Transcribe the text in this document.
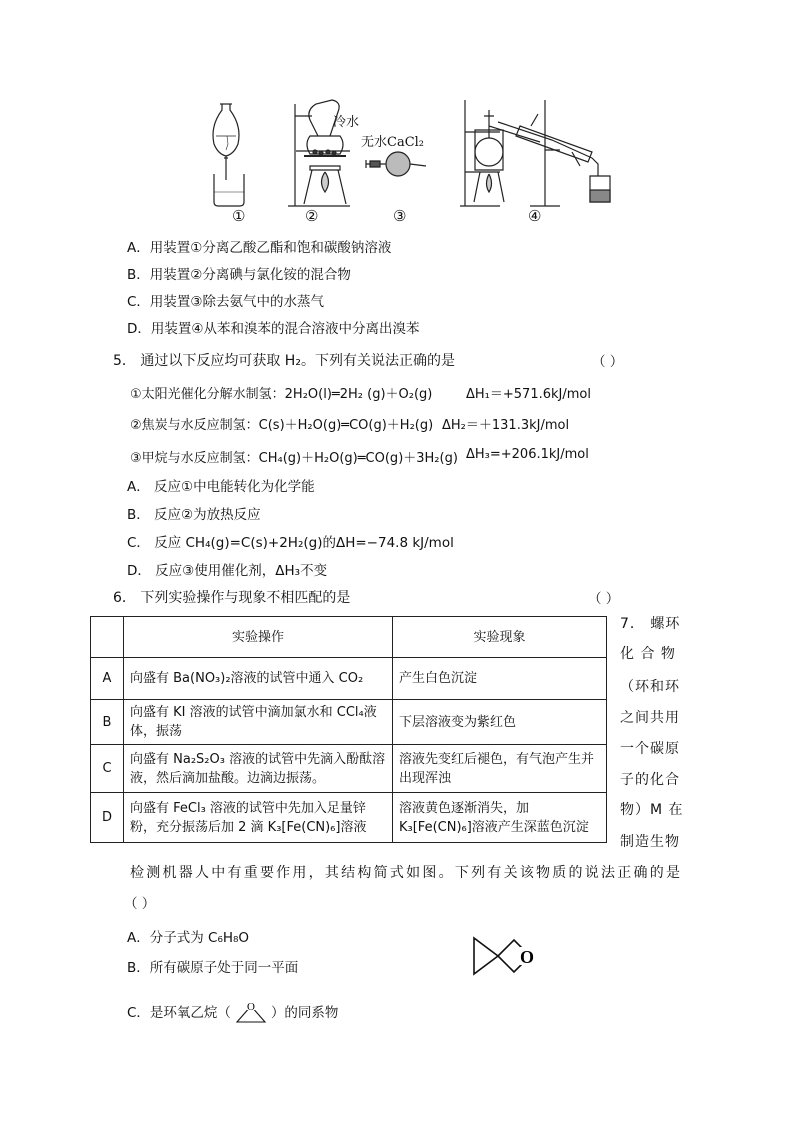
冷水
无水CaCl₂
①	②	③	④
A．用装置①分离乙酸乙酯和饱和碳酸钠溶液
B．用装置②分离碘与氯化铵的混合物
C．用装置③除去氨气中的水蒸气
D．用装置④从苯和溴苯的混合溶液中分离出溴苯
5． 通过以下反应均可获取 H₂。下列有关说法正确的是	（ ）
①太阳光催化分解水制氢：2H₂O(l)═2H₂ (g)＋O₂(g)	ΔH₁＝+571.6kJ/mol
②焦炭与水反应制氢：C(s)＋H₂O(g)═CO(g)＋H₂(g) ΔH₂＝＋131.3kJ/mol
③甲烷与水反应制氢：CH₄(g)＋H₂O(g)═CO(g)＋3H₂(g) ΔH₃=+206.1kJ/mol
A． 反应①中电能转化为化学能
B． 反应②为放热反应
C． 反应 CH₄(g)=C(s)+2H₂(g)的ΔH=−74.8 kJ/mol
D． 反应③使用催化剂，ΔH₃不变
6． 下列实验操作与现象不相匹配的是	（ ）
	实验操作	实验现象
A	向盛有 Ba(NO₃)₂溶液的试管中通入 CO₂	产生白色沉淀
B	向盛有 KI 溶液的试管中滴加氯水和 CCl₄液体，振荡	下层溶液变为紫红色
C	向盛有 Na₂S₂O₃ 溶液的试管中先滴入酚酞溶液，然后滴加盐酸。边滴边振荡。	溶液先变红后褪色，有气泡产生并出现浑浊
D	向盛有 FeCl₃ 溶液的试管中先加入足量锌粉，充分振荡后加 2 滴 K₃[Fe(CN)₆]溶液	溶液黄色逐渐消失，加 K₃[Fe(CN)₆]溶液产生深蓝色沉淀
7． 螺环
化 合 物
（环和环
之间共用
一个碳原
子的化合
物）M 在
制造生物
检测机器人中有重要作用，其结构简式如图。下列有关该物质的说法正确的是
（ ）
A．分子式为 C₆H₈O
B．所有碳原子处于同一平面
C．是环氧乙烷（ O ）的同系物
O
